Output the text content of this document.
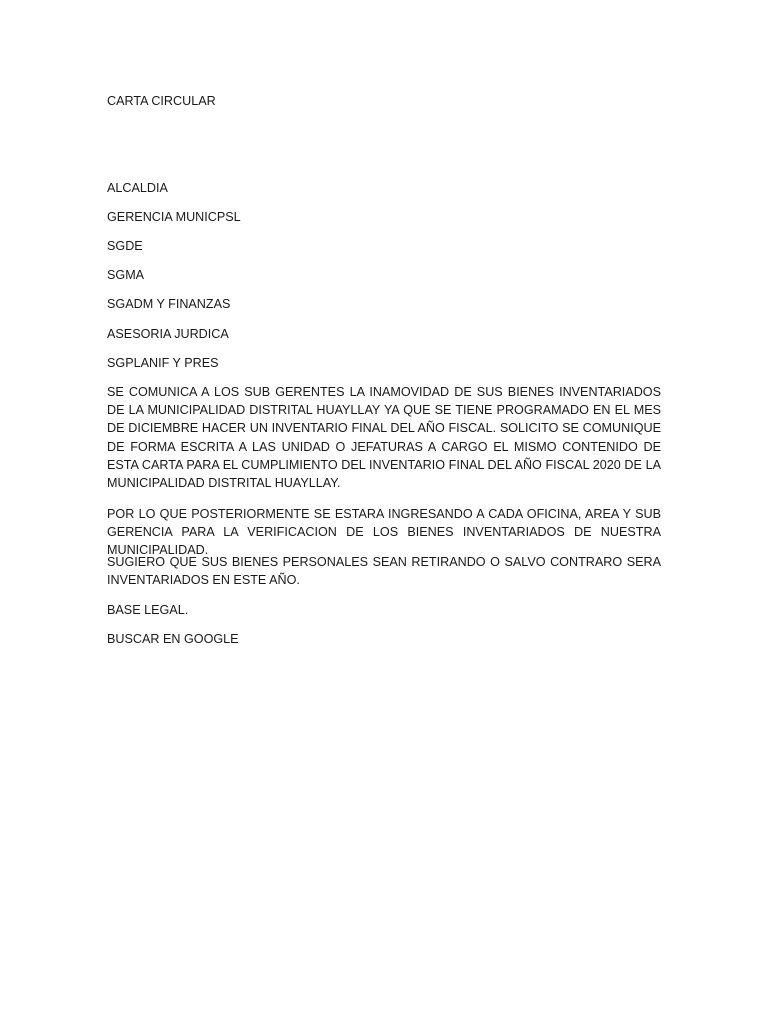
CARTA CIRCULAR

ALCALDIA

GERENCIA MUNICPSL

SGDE

SGMA

SGADM Y FINANZAS

ASESORIA JURDICA

SGPLANIF Y PRES

SE COMUNICA A LOS SUB GERENTES LA INAMOVIDAD DE SUS BIENES INVENTARIADOS DE LA MUNICIPALIDAD DISTRITAL HUAYLLAY YA QUE SE TIENE PROGRAMADO EN EL MES DE DICIEMBRE HACER UN INVENTARIO FINAL DEL AÑO FISCAL. SOLICITO SE COMUNIQUE DE FORMA ESCRITA A LAS UNIDAD O JEFATURAS A CARGO EL MISMO CONTENIDO DE ESTA CARTA PARA EL CUMPLIMIENTO DEL INVENTARIO FINAL DEL AÑO FISCAL 2020 DE LA MUNICIPALIDAD DISTRITAL HUAYLLAY.

POR LO QUE POSTERIORMENTE SE ESTARA INGRESANDO A CADA OFICINA, AREA Y SUB GERENCIA PARA LA VERIFICACION DE LOS BIENES INVENTARIADOS DE NUESTRA MUNICIPALIDAD.

SUGIERO QUE SUS BIENES PERSONALES SEAN RETIRANDO O SALVO CONTRARO SERA INVENTARIADOS EN ESTE AÑO.

BASE LEGAL.

BUSCAR EN GOOGLE
